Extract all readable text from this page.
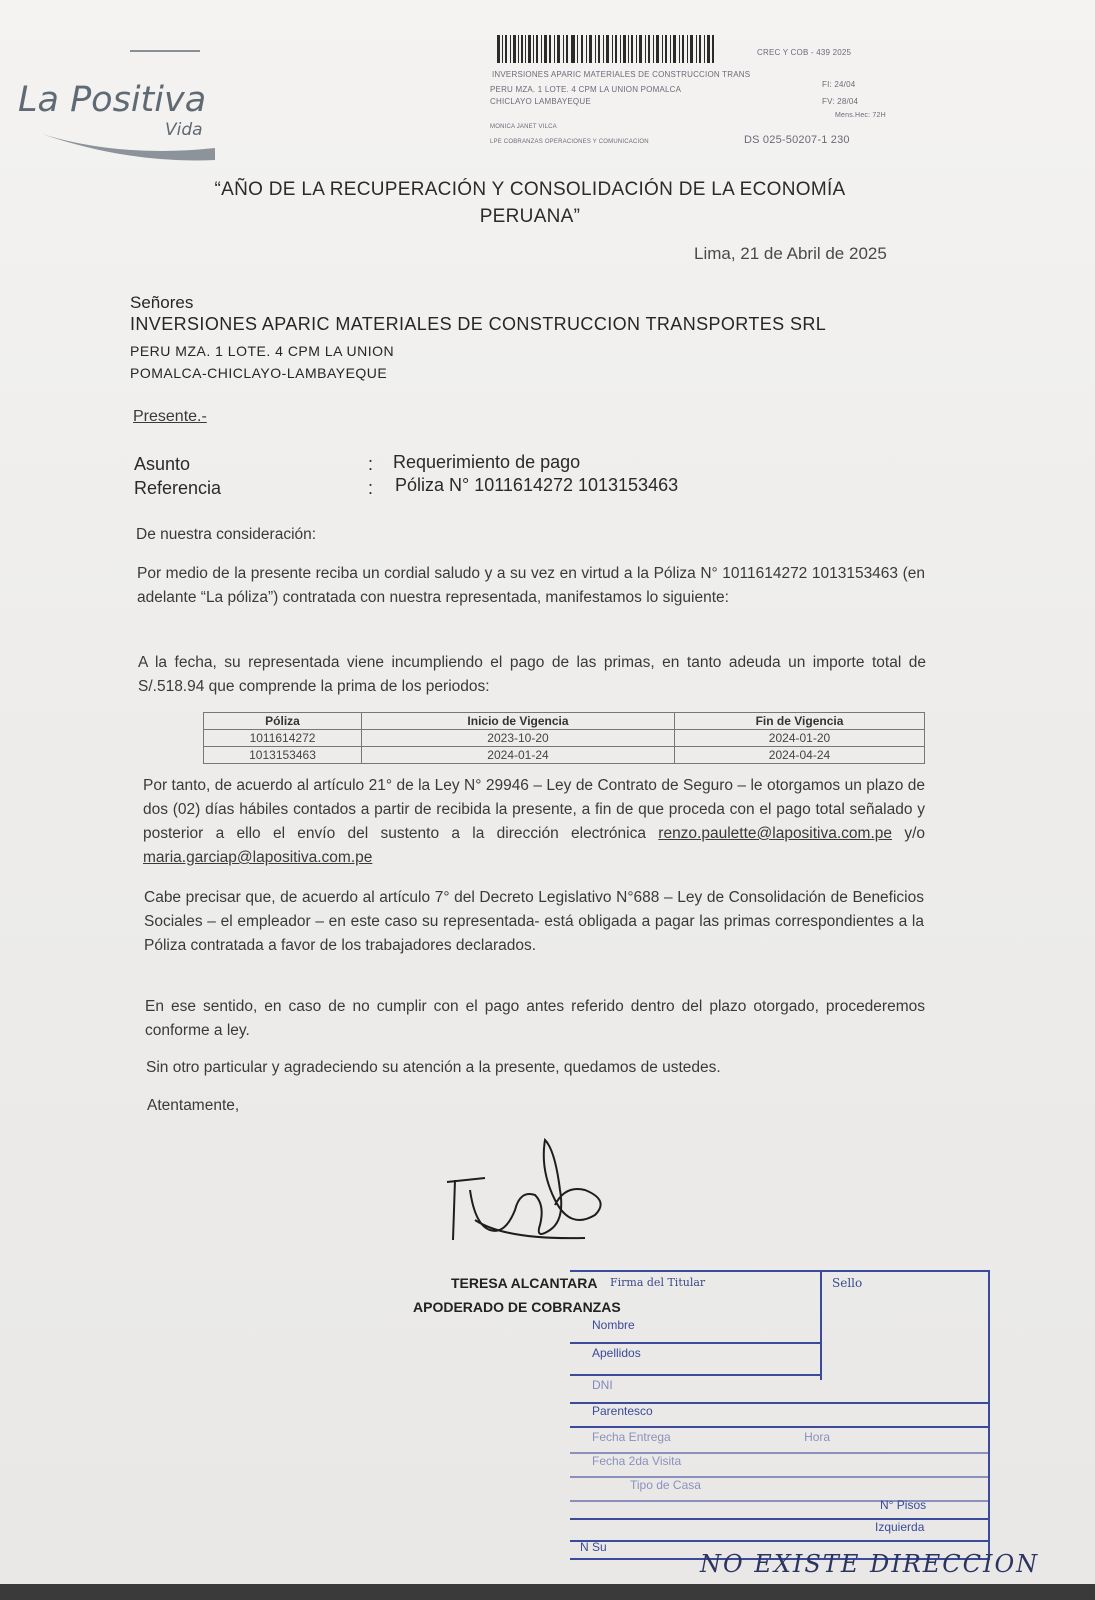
La Positiva
Vida
INVERSIONES APARIC MATERIALES DE CONSTRUCCION TRANS
PERU MZA. 1 LOTE. 4 CPM LA UNION POMALCA
CHICLAYO LAMBAYEQUE
MONICA JANET VILCA
LPE COBRANZAS OPERACIONES Y COMUNICACION
CREC Y COB - 439 2025
FI: 24/04
FV: 28/04
Mens.Hec: 72H
DS 025-50207-1 230
“AÑO DE LA RECUPERACIÓN Y CONSOLIDACIÓN DE LA ECONOMÍA PERUANA”
Lima, 21 de Abril de 2025
Señores
INVERSIONES APARIC MATERIALES DE CONSTRUCCION TRANSPORTES SRL
PERU MZA. 1 LOTE. 4 CPM LA UNION
POMALCA-CHICLAYO-LAMBAYEQUE
Presente.-
Asunto	: Requerimiento de pago
Referencia	: Póliza N° 1011614272 1013153463
De nuestra consideración:
Por medio de la presente reciba un cordial saludo y a su vez en virtud a la Póliza N° 1011614272 1013153463 (en adelante “La póliza”) contratada con nuestra representada, manifestamos lo siguiente:
A la fecha, su representada viene incumpliendo el pago de las primas, en tanto adeuda un importe total de S/.518.94 que comprende la prima de los periodos:
Póliza	Inicio de Vigencia	Fin de Vigencia
1011614272	2023-10-20	2024-01-20
1013153463	2024-01-24	2024-04-24
Por tanto, de acuerdo al artículo 21° de la Ley N° 29946 – Ley de Contrato de Seguro – le otorgamos un plazo de dos (02) días hábiles contados a partir de recibida la presente, a fin de que proceda con el pago total señalado y posterior a ello el envío del sustento a la dirección electrónica renzo.paulette@lapositiva.com.pe y/o maria.garciap@lapositiva.com.pe
Cabe precisar que, de acuerdo al artículo 7° del Decreto Legislativo N°688 – Ley de Consolidación de Beneficios Sociales – el empleador – en este caso su representada- está obligada a pagar las primas correspondientes a la Póliza contratada a favor de los trabajadores declarados.
En ese sentido, en caso de no cumplir con el pago antes referido dentro del plazo otorgado, procederemos conforme a ley.
Sin otro particular y agradeciendo su atención a la presente, quedamos de ustedes.
Atentamente,
TERESA ALCANTARA
APODERADO DE COBRANZAS
Firma del Titular	Sello
Nombre
Apellidos
DNI
Parentesco
Fecha Entrega	Hora
Fecha 2da Visita
Tipo de Casa
N° Pisos
Izquierda
N Su
NO EXISTE DIRECCION
